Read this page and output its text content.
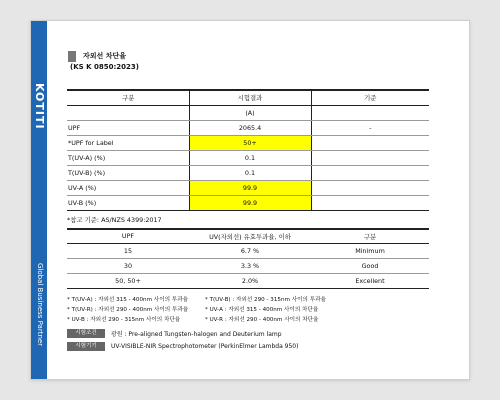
KOTITI
Global Business Partner
자외선 차단율
(KS K 0850:2023)
구분	시험결과	기준
	(A)	
UPF	2065.4	-
*UPF for Label	50+	
T(UV-A) (%)	0.1	
T(UV-B) (%)	0.1	
UV-A (%)	99.9	
UV-B (%)	99.9	
*참고 기준: AS/NZS 4399:2017
UPF	UV(자외선) 유효투과율, 이하	구분
15	6.7 %	Minimum
30	3.3 %	Good
50, 50+	2.0%	Excellent
* T(UV-A) : 자외선 315 - 400nm 사이의 투과율	* T(UV-B) : 자외선 290 - 315nm 사이의 투과율
* T(UV-R) : 자외선 290 - 400nm 사이의 투과율	* UV-A : 자외선 315 - 400nm 사이의 차단율
* UV-B : 자외선 290 - 315nm 사이의 차단율	* UV-R : 자외선 290 - 400nm 사이의 차단율
시험조건	광원 : Pre-aligned Tungsten-halogen and Deuterium lamp
시험기기	UV-VISIBLE-NIR Spectrophotometer (PerkinElmer Lambda 950)
